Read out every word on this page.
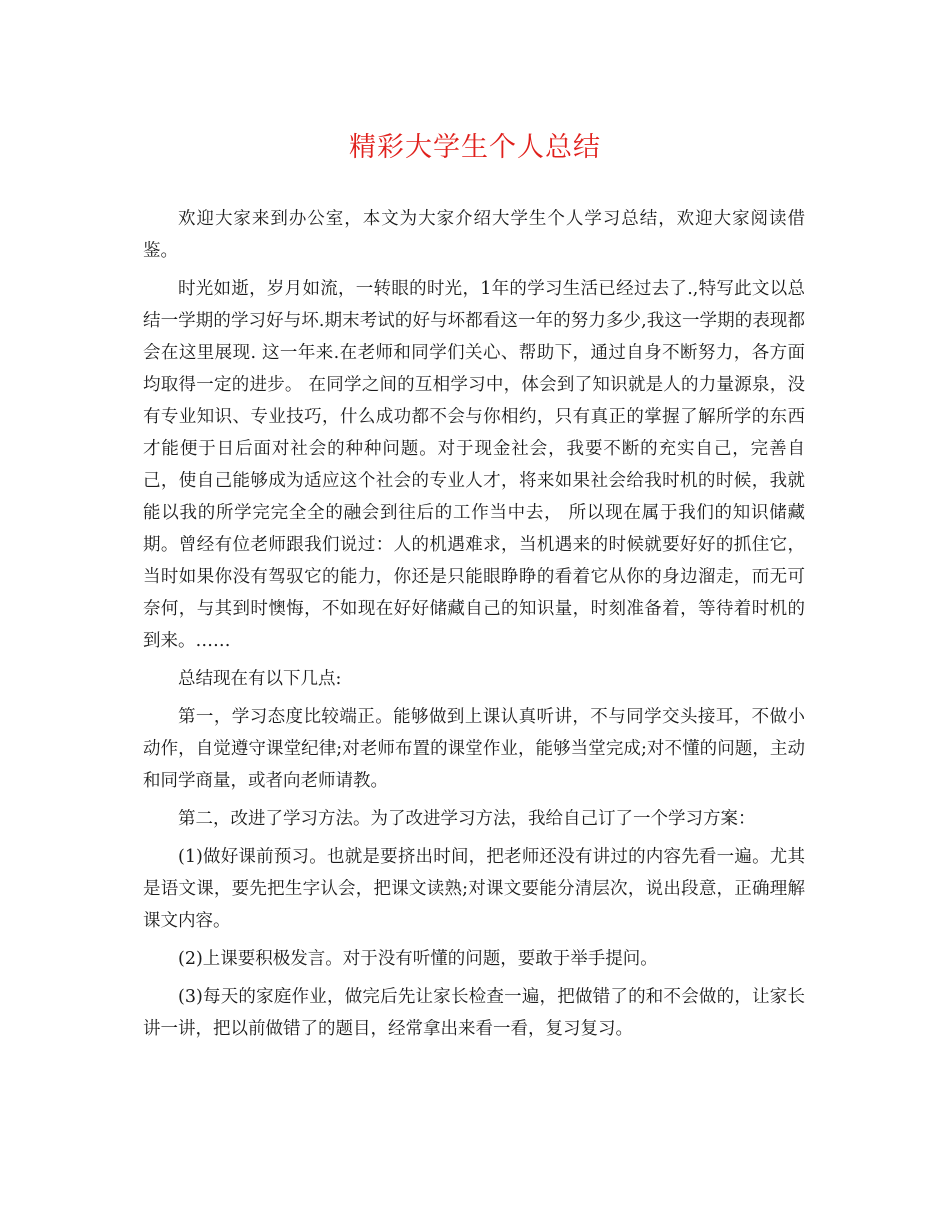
精彩大学生个人总结

欢迎大家来到办公室，本文为大家介绍大学生个人学习总结，欢迎大家阅读借鉴。

时光如逝，岁月如流，一转眼的时光，1年的学习生活已经过去了.,特写此文以总结一学期的学习好与坏.期末考试的好与坏都看这一年的努力多少,我这一学期的表现都会在这里展现. 这一年来.在老师和同学们关心、帮助下，通过自身不断努力，各方面均取得一定的进步。 在同学之间的互相学习中，体会到了知识就是人的力量源泉，没有专业知识、专业技巧，什么成功都不会与你相约，只有真正的掌握了解所学的东西才能便于日后面对社会的种种问题。对于现金社会，我要不断的充实自己，完善自己，使自己能够成为适应这个社会的专业人才，将来如果社会给我时机的时候，我就能以我的所学完完全全的融会到往后的工作当中去， 所以现在属于我们的知识储藏期。曾经有位老师跟我们说过：人的机遇难求，当机遇来的时候就要好好的抓住它，当时如果你没有驾驭它的能力，你还是只能眼睁睁的看着它从你的身边溜走，而无可奈何，与其到时懊悔，不如现在好好储藏自己的知识量，时刻准备着，等待着时机的到来。……

总结现在有以下几点:

第一，学习态度比较端正。能够做到上课认真听讲，不与同学交头接耳，不做小动作，自觉遵守课堂纪律;对老师布置的课堂作业，能够当堂完成;对不懂的问题，主动和同学商量，或者向老师请教。

第二，改进了学习方法。为了改进学习方法，我给自己订了一个学习方案：

(1)做好课前预习。也就是要挤出时间，把老师还没有讲过的内容先看一遍。尤其是语文课，要先把生字认会，把课文读熟;对课文要能分清层次，说出段意，正确理解课文内容。

(2)上课要积极发言。对于没有听懂的问题，要敢于举手提问。

(3)每天的家庭作业，做完后先让家长检查一遍，把做错了的和不会做的，让家长讲一讲，把以前做错了的题目，经常拿出来看一看，复习复习。
